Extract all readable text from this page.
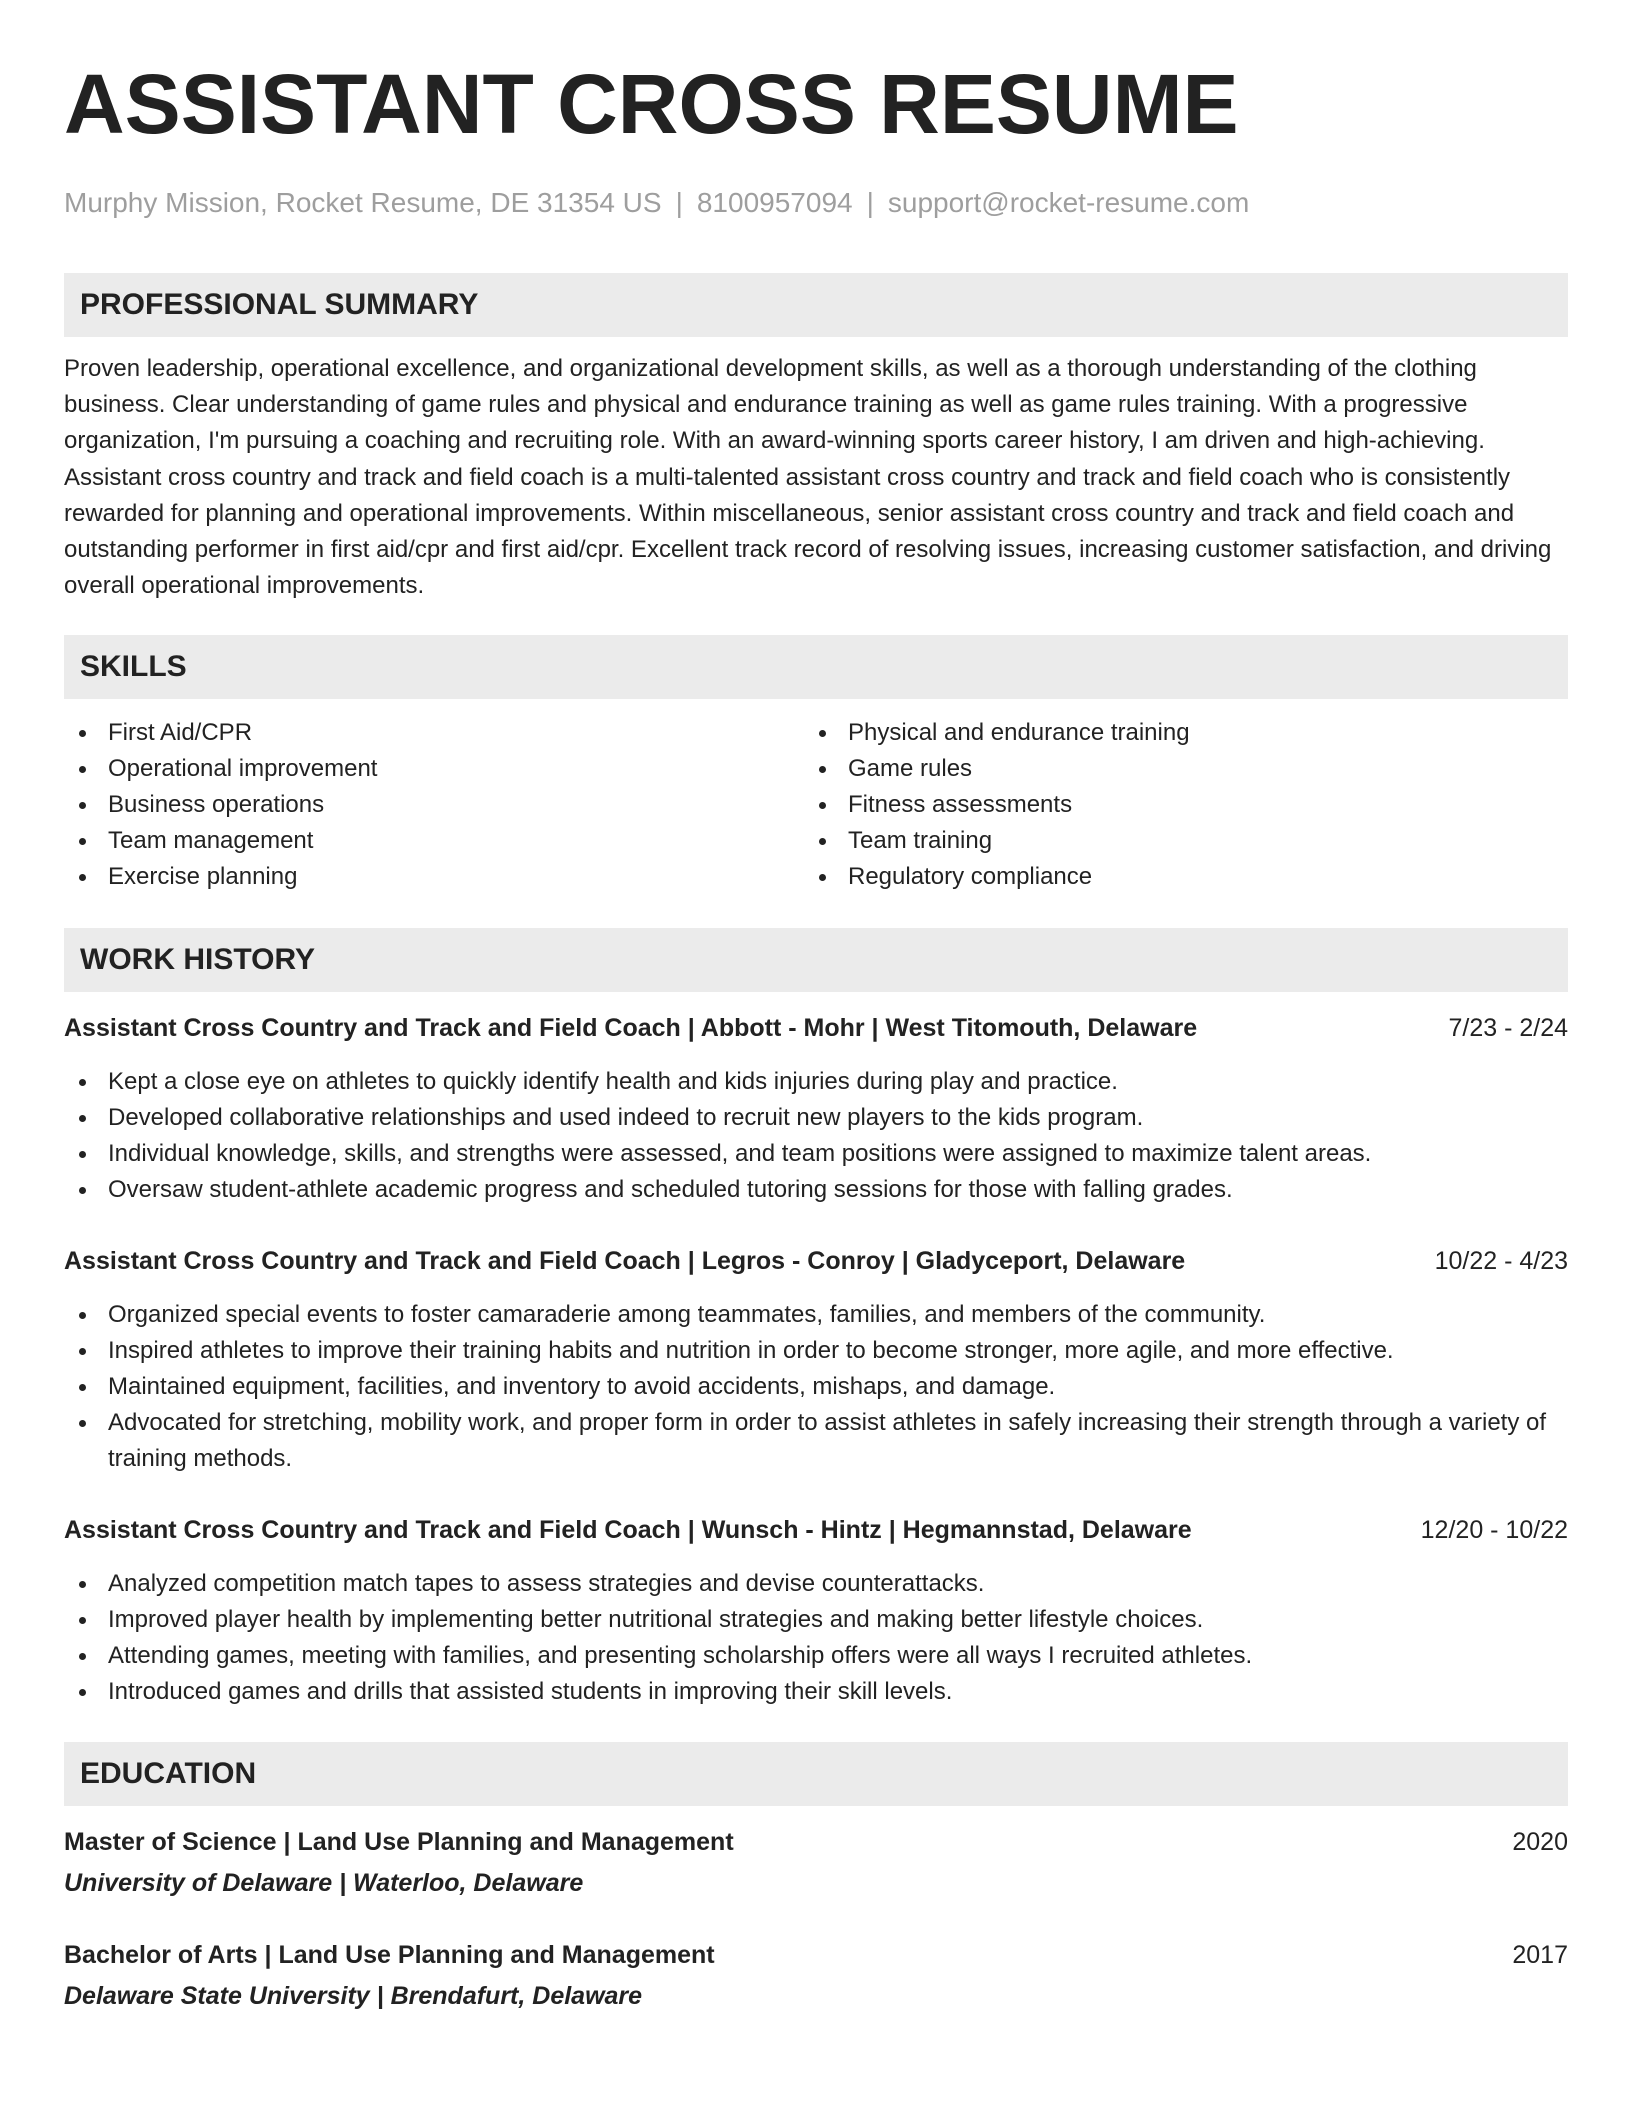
ASSISTANT CROSS RESUME
Murphy Mission, Rocket Resume, DE 31354 US | 8100957094 | support@rocket-resume.com
PROFESSIONAL SUMMARY
Proven leadership, operational excellence, and organizational development skills, as well as a thorough understanding of the clothing business. Clear understanding of game rules and physical and endurance training as well as game rules training. With a progressive organization, I'm pursuing a coaching and recruiting role. With an award-winning sports career history, I am driven and high-achieving. Assistant cross country and track and field coach is a multi-talented assistant cross country and track and field coach who is consistently rewarded for planning and operational improvements. Within miscellaneous, senior assistant cross country and track and field coach and outstanding performer in first aid/cpr and first aid/cpr. Excellent track record of resolving issues, increasing customer satisfaction, and driving overall operational improvements.
SKILLS
First Aid/CPR
Operational improvement
Business operations
Team management
Exercise planning
Physical and endurance training
Game rules
Fitness assessments
Team training
Regulatory compliance
WORK HISTORY
Assistant Cross Country and Track and Field Coach | Abbott - Mohr | West Titomouth, Delaware	7/23 - 2/24
Kept a close eye on athletes to quickly identify health and kids injuries during play and practice.
Developed collaborative relationships and used indeed to recruit new players to the kids program.
Individual knowledge, skills, and strengths were assessed, and team positions were assigned to maximize talent areas.
Oversaw student-athlete academic progress and scheduled tutoring sessions for those with falling grades.
Assistant Cross Country and Track and Field Coach | Legros - Conroy | Gladyceport, Delaware	10/22 - 4/23
Organized special events to foster camaraderie among teammates, families, and members of the community.
Inspired athletes to improve their training habits and nutrition in order to become stronger, more agile, and more effective.
Maintained equipment, facilities, and inventory to avoid accidents, mishaps, and damage.
Advocated for stretching, mobility work, and proper form in order to assist athletes in safely increasing their strength through a variety of training methods.
Assistant Cross Country and Track and Field Coach | Wunsch - Hintz | Hegmannstad, Delaware	12/20 - 10/22
Analyzed competition match tapes to assess strategies and devise counterattacks.
Improved player health by implementing better nutritional strategies and making better lifestyle choices.
Attending games, meeting with families, and presenting scholarship offers were all ways I recruited athletes.
Introduced games and drills that assisted students in improving their skill levels.
EDUCATION
Master of Science | Land Use Planning and Management	2020
University of Delaware | Waterloo, Delaware
Bachelor of Arts | Land Use Planning and Management	2017
Delaware State University | Brendafurt, Delaware
